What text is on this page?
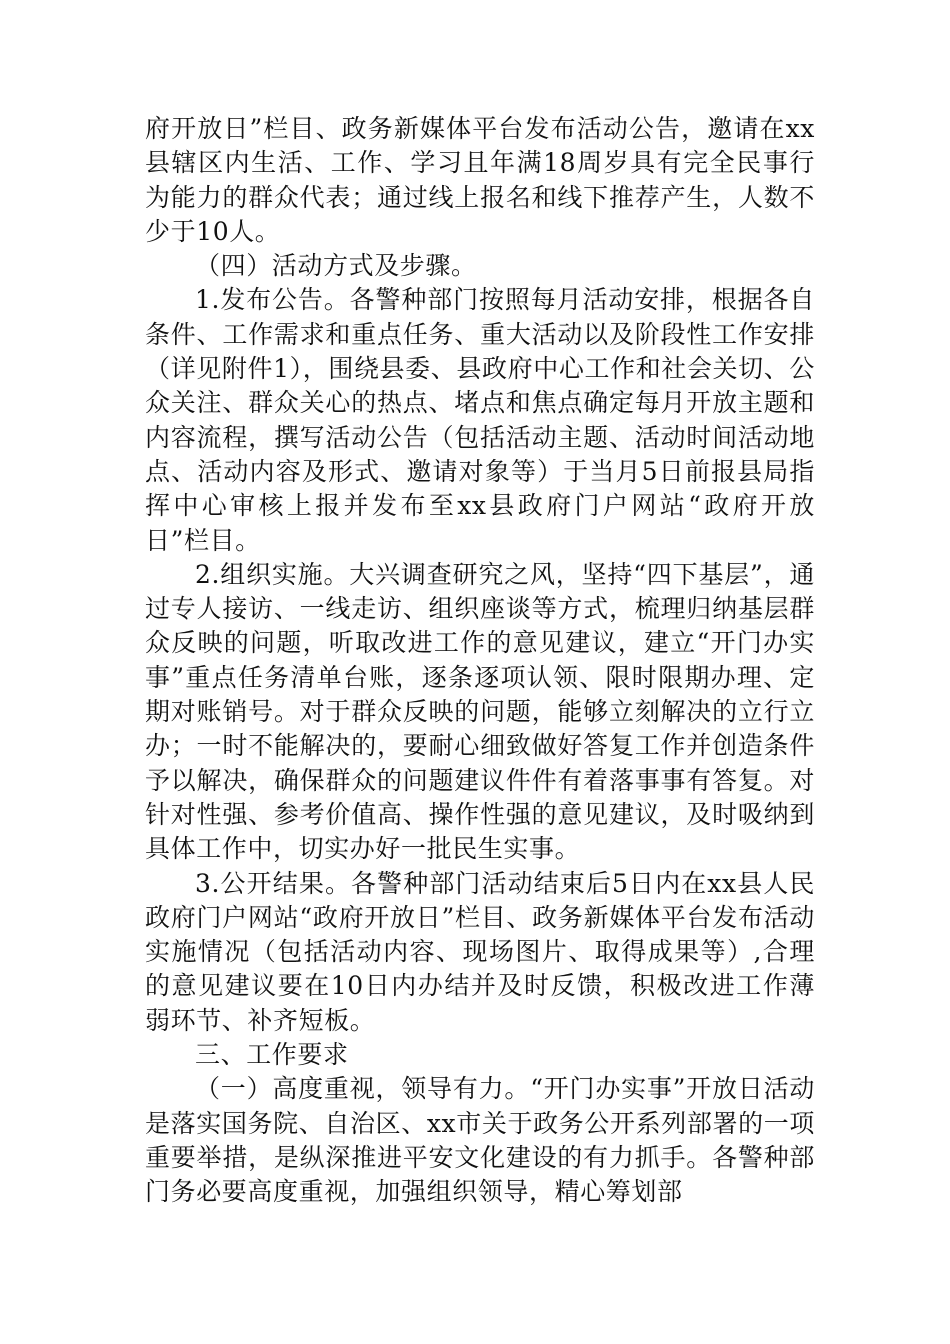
府开放日”栏目、政务新媒体平台发布活动公告，邀请在xx县辖区内生活、工作、学习且年满18周岁具有完全民事行为能力的群众代表；通过线上报名和线下推荐产生，人数不少于10人。

（四）活动方式及步骤。

1.发布公告。各警种部门按照每月活动安排，根据各自条件、工作需求和重点任务、重大活动以及阶段性工作安排（详见附件1），围绕县委、县政府中心工作和社会关切、公众关注、群众关心的热点、堵点和焦点确定每月开放主题和内容流程，撰写活动公告（包括活动主题、活动时间活动地点、活动内容及形式、邀请对象等）于当月5日前报县局指挥中心审核上报并发布至xx县政府门户网站“政府开放日”栏目。

2.组织实施。大兴调查研究之风，坚持“四下基层”，通过专人接访、一线走访、组织座谈等方式，梳理归纳基层群众反映的问题，听取改进工作的意见建议，建立“开门办实事”重点任务清单台账，逐条逐项认领、限时限期办理、定期对账销号。对于群众反映的问题，能够立刻解决的立行立办；一时不能解决的，要耐心细致做好答复工作并创造条件予以解决，确保群众的问题建议件件有着落事事有答复。对针对性强、参考价值高、操作性强的意见建议，及时吸纳到具体工作中，切实办好一批民生实事。

3.公开结果。各警种部门活动结束后5日内在xx县人民政府门户网站“政府开放日”栏目、政务新媒体平台发布活动实施情况（包括活动内容、现场图片、取得成果等）,合理的意见建议要在10日内办结并及时反馈，积极改进工作薄弱环节、补齐短板。

三、工作要求

（一）高度重视，领导有力。“开门办实事”开放日活动是落实国务院、自治区、xx市关于政务公开系列部署的一项重要举措，是纵深推进平安文化建设的有力抓手。各警种部门务必要高度重视，加强组织领导，精心筹划部
